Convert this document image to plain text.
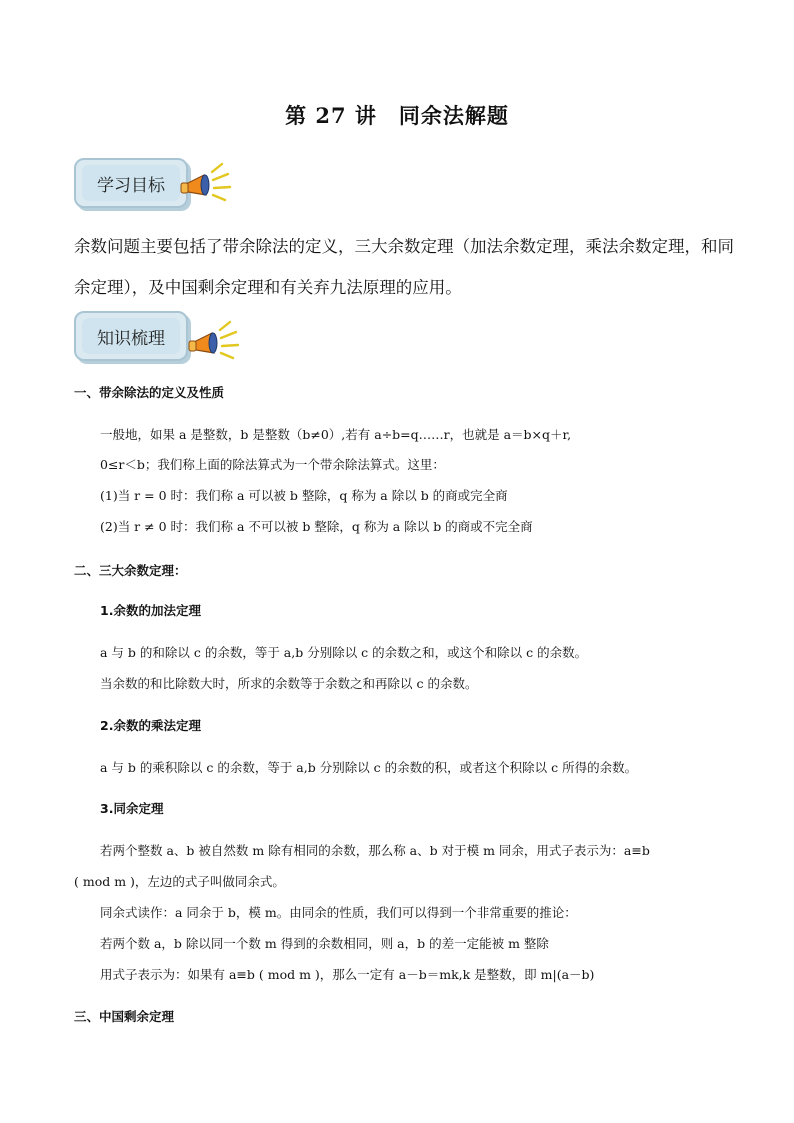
第 27 讲　同余法解题
学习目标
余数问题主要包括了带余除法的定义，三大余数定理（加法余数定理，乘法余数定理，和同余定理），及中国剩余定理和有关弃九法原理的应用。
知识梳理
一、带余除法的定义及性质
一般地，如果 a 是整数，b 是整数（b≠0）,若有 a÷b=q……r，也就是 a＝b×q＋r,
0≤r＜b；我们称上面的除法算式为一个带余除法算式。这里：
(1)当 r = 0 时：我们称 a 可以被 b 整除，q 称为 a 除以 b 的商或完全商
(2)当 r ≠ 0 时：我们称 a 不可以被 b 整除，q 称为 a 除以 b 的商或不完全商
二、三大余数定理：
1.余数的加法定理
a 与 b 的和除以 c 的余数，等于 a,b 分别除以 c 的余数之和，或这个和除以 c 的余数。
当余数的和比除数大时，所求的余数等于余数之和再除以 c 的余数。
2.余数的乘法定理
a 与 b 的乘积除以 c 的余数，等于 a,b 分别除以 c 的余数的积，或者这个积除以 c 所得的余数。
3.同余定理
若两个整数 a、b 被自然数 m 除有相同的余数，那么称 a、b 对于模 m 同余，用式子表示为：a≡b
( mod m )，左边的式子叫做同余式。
同余式读作：a 同余于 b，模 m。由同余的性质，我们可以得到一个非常重要的推论：
若两个数 a，b 除以同一个数 m 得到的余数相同，则 a，b 的差一定能被 m 整除
用式子表示为：如果有 a≡b ( mod m )，那么一定有 a－b＝mk,k 是整数，即 m|(a－b)
三、中国剩余定理
